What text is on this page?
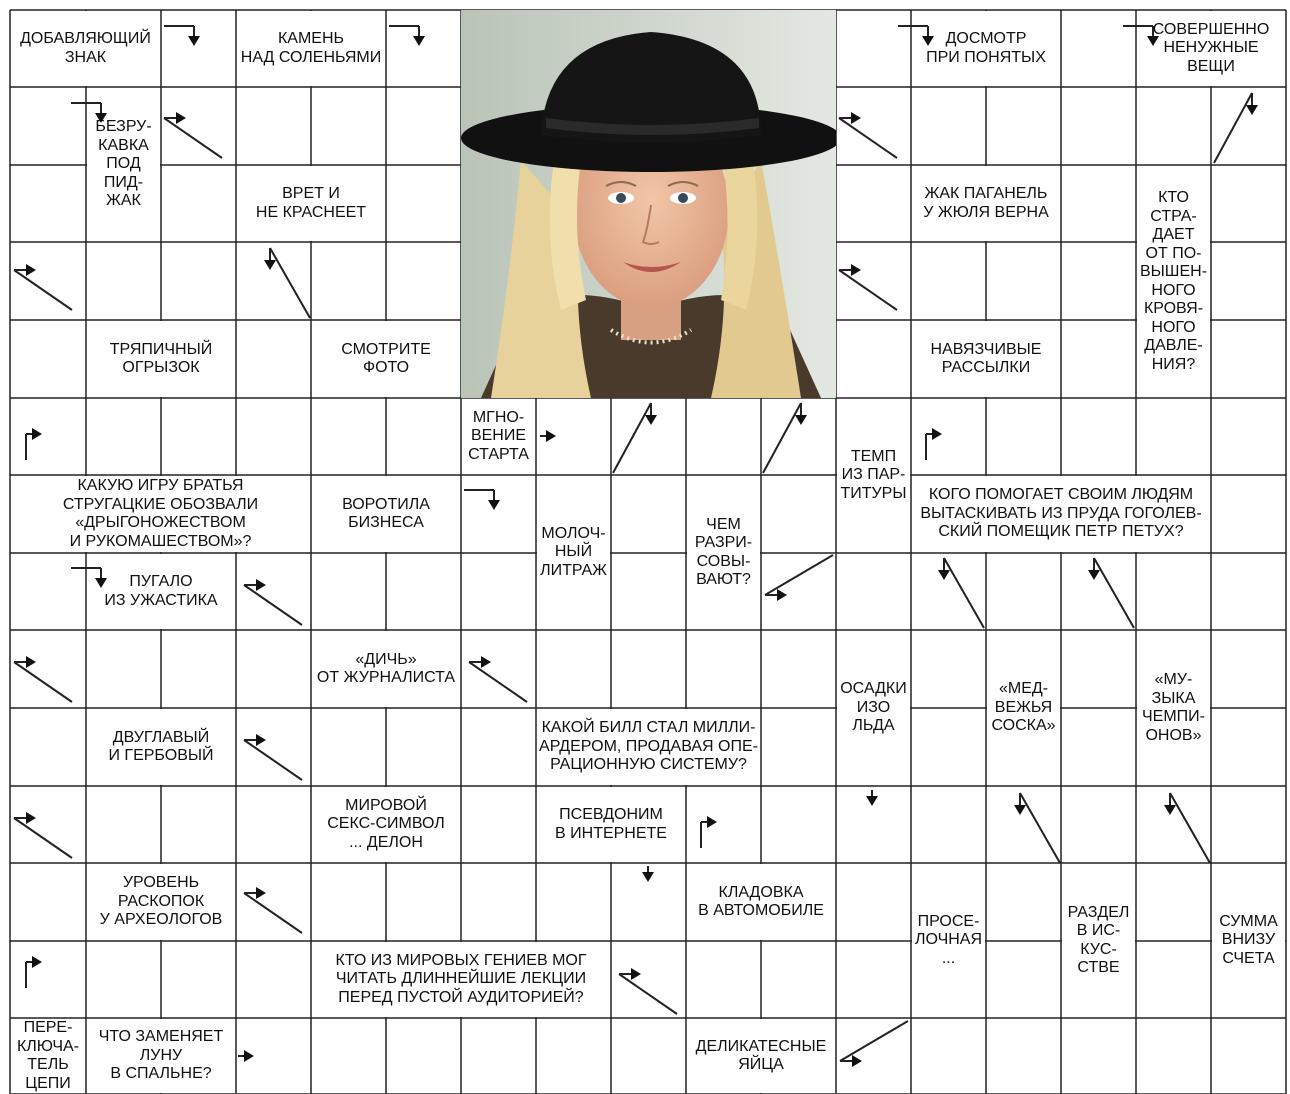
ДОБАВЛЯЮЩИЙ
ЗНАК
КАМЕНЬ
НАД СОЛЕНЬЯМИ
ДОСМОТР
ПРИ ПОНЯТЫХ
СОВЕРШЕННО
НЕНУЖНЫЕ
ВЕЩИ
БЕЗРУ-
КАВКА
ПОД
ПИД-
ЖАК	ВРЕТ И
НЕ КРАСНЕЕТ
ЖАК ПАГАНЕЛЬ
У ЖЮЛЯ ВЕРНА
КТО
СТРА-
ДАЕТ
ОТ ПО-
ВЫШЕН-
НОГО
КРОВЯ-
НОГО
ДАВЛЕ-
НИЯ?
ТРЯПИЧНЫЙ
ОГРЫЗОК
СМОТРИТЕ
ФОТО
НАВЯЗЧИВЫЕ
РАССЫЛКИ
МГНО-
ВЕНИЕ
СТАРТА	ТЕМП
ИЗ ПАР-
ТИТУРЫ
КАКУЮ ИГРУ БРАТЬЯ
СТРУГАЦКИЕ ОБОЗВАЛИ
«ДРЫГОНОЖЕСТВОМ
И РУКОМАШЕСТВОМ»?
ВОРОТИЛА
БИЗНЕСА
МОЛОЧ-
НЫЙ
ЛИТРАЖ
ЧЕМ
РАЗРИ-
СОВЫ-
ВАЮТ?
КОГО ПОМОГАЕТ СВОИМ ЛЮДЯМ
ВЫТАСКИВАТЬ ИЗ ПРУДА ГОГОЛЕВ-
СКИЙ ПОМЕЩИК ПЕТР ПЕТУХ?
ПУГАЛО
ИЗ УЖАСТИКА
«ДИЧЬ»
ОТ ЖУРНАЛИСТА
ОСАДКИ
ИЗО
ЛЬДА
«МЕД-
ВЕЖЬЯ
СОСКА»
«МУ-
ЗЫКА
ЧЕМПИ-
ОНОВ»
ДВУГЛАВЫЙ
И ГЕРБОВЫЙ
КАКОЙ БИЛЛ СТАЛ МИЛЛИ-
АРДЕРОМ, ПРОДАВАЯ ОПЕ-
РАЦИОННУЮ СИСТЕМУ?
МИРОВОЙ
СЕКС-СИМВОЛ
... ДЕЛОН
ПСЕВДОНИМ
В ИНТЕРНЕТЕ
УРОВЕНЬ
РАСКОПОК
У АРХЕОЛОГОВ
КЛАДОВКА
В АВТОМОБИЛЕ
ПРОСЕ-
ЛОЧНАЯ
...
РАЗДЕЛ
В ИС-
КУС-
СТВЕ
СУММА
ВНИЗУ
СЧЕТА
КТО ИЗ МИРОВЫХ ГЕНИЕВ МОГ
ЧИТАТЬ ДЛИННЕЙШИЕ ЛЕКЦИИ
ПЕРЕД ПУСТОЙ АУДИТОРИЕЙ?
ПЕРЕ-
КЛЮЧА-
ТЕЛЬ
ЦЕПИ
ЧТО ЗАМЕНЯЕТ
ЛУНУ
В СПАЛЬНЕ?
ДЕЛИКАТЕСНЫЕ
ЯЙЦА
